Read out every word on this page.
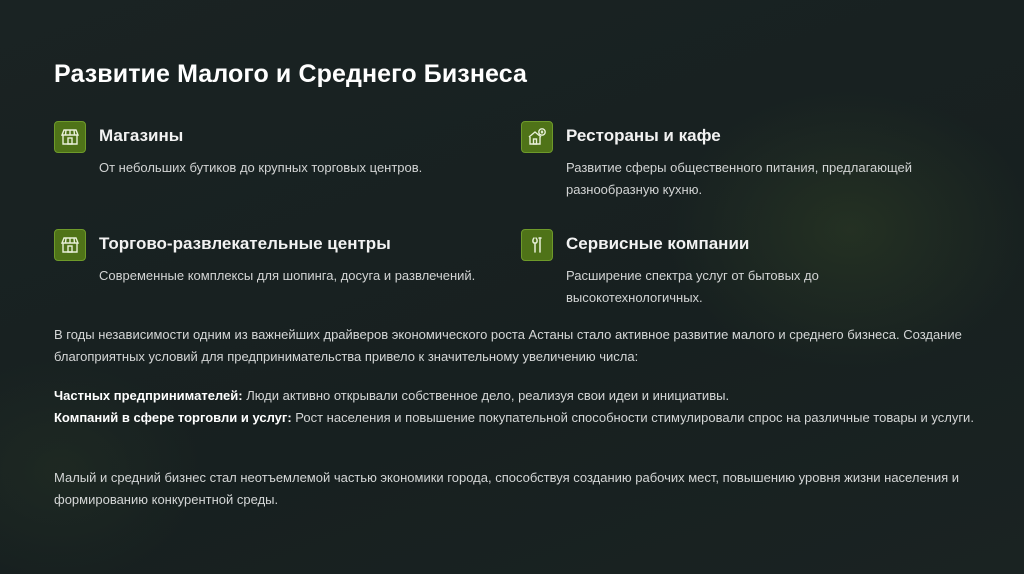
Развитие Малого и Среднего Бизнеса
Магазины
От небольших бутиков до крупных торговых центров.
Рестораны и кафе
Развитие сферы общественного питания, предлагающей разнообразную кухню.
Торгово-развлекательные центры
Современные комплексы для шопинга, досуга и развлечений.
Сервисные компании
Расширение спектра услуг от бытовых до высокотехнологичных.

В годы независимости одним из важнейших драйверов экономического роста Астаны стало активное развитие малого и среднего бизнеса. Создание благоприятных условий для предпринимательства привело к значительному увеличению числа:

Частных предпринимателей: Люди активно открывали собственное дело, реализуя свои идеи и инициативы.
Компаний в сфере торговли и услуг: Рост населения и повышение покупательной способности стимулировали спрос на различные товары и услуги.

Малый и средний бизнес стал неотъемлемой частью экономики города, способствуя созданию рабочих мест, повышению уровня жизни населения и формированию конкурентной среды.
